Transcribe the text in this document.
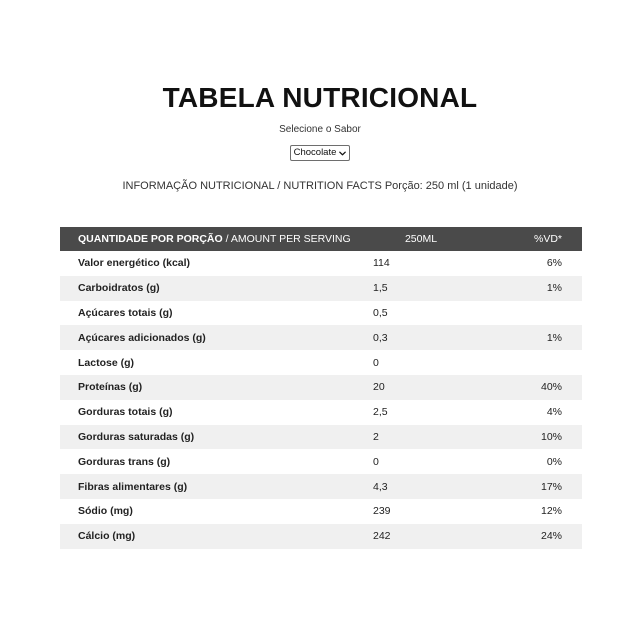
TABELA NUTRICIONAL
Selecione o Sabor
Chocolate
INFORMAÇÃO NUTRICIONAL / NUTRITION FACTS Porção: 250 ml (1 unidade)
QUANTIDADE POR PORÇÃO / AMOUNT PER SERVING	250ML	%VD*
Valor energético (kcal)	114	6%
Carboidratos (g)	1,5	1%
Açúcares totais (g)	0,5
Açúcares adicionados (g)	0,3	1%
Lactose (g)	0
Proteínas (g)	20	40%
Gorduras totais (g)	2,5	4%
Gorduras saturadas (g)	2	10%
Gorduras trans (g)	0	0%
Fibras alimentares (g)	4,3	17%
Sódio (mg)	239	12%
Cálcio (mg)	242	24%
